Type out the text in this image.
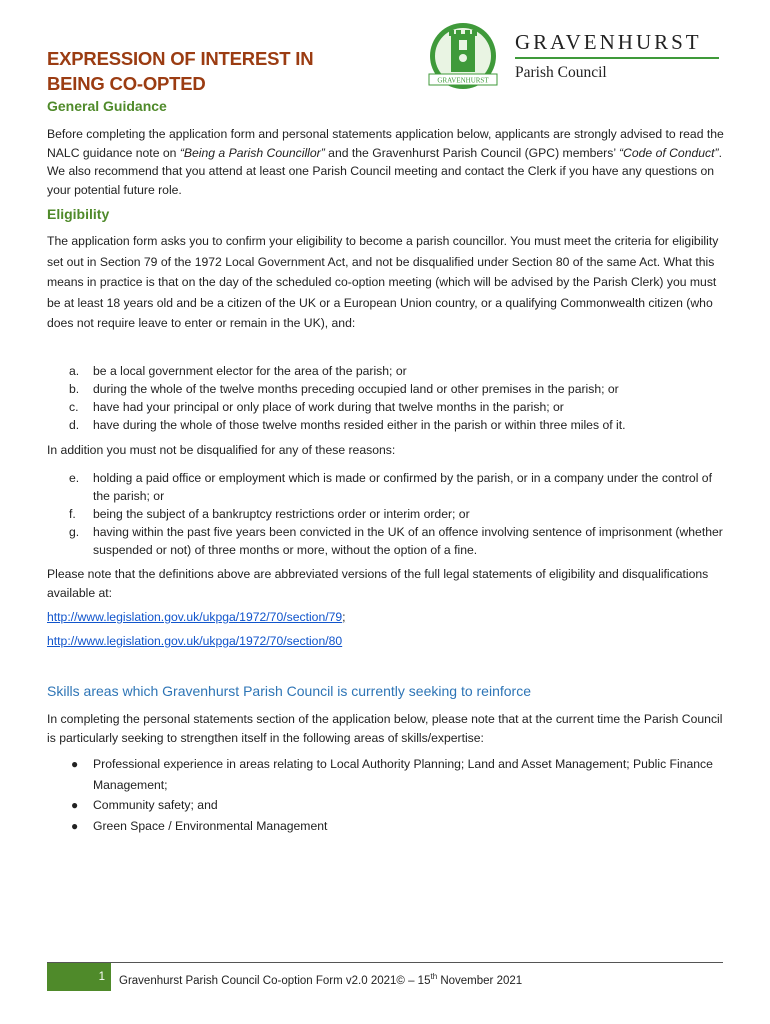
EXPRESSION OF INTEREST IN
BEING CO-OPTED	GRAVENHURST
GRAVENHURST
Parish Council
General Guidance
Before completing the application form and personal statements application below, applicants are strongly advised to read the NALC guidance note on “Being a Parish Councillor” and the Gravenhurst Parish Council (GPC) members’ “Code of Conduct”. We also recommend that you attend at least one Parish Council meeting and contact the Clerk if you have any questions on your potential future role.
Eligibility
The application form asks you to confirm your eligibility to become a parish councillor. You must meet the criteria for eligibility set out in Section 79 of the 1972 Local Government Act, and not be disqualified under Section 80 of the same Act. What this means in practice is that on the day of the scheduled co-option meeting (which will be advised by the Parish Clerk) you must be at least 18 years old and be a citizen of the UK or a European Union country, or a qualifying Commonwealth citizen (who does not require leave to enter or remain in the UK), and:
a. be a local government elector for the area of the parish; or
b. during the whole of the twelve months preceding occupied land or other premises in the parish; or
c. have had your principal or only place of work during that twelve months in the parish; or
d. have during the whole of those twelve months resided either in the parish or within three miles of it.
In addition you must not be disqualified for any of these reasons:
e. holding a paid office or employment which is made or confirmed by the parish, or in a company under the control of the parish; or
f. being the subject of a bankruptcy restrictions order or interim order; or
g. having within the past five years been convicted in the UK of an offence involving sentence of imprisonment (whether suspended or not) of three months or more, without the option of a fine.
Please note that the definitions above are abbreviated versions of the full legal statements of eligibility and disqualifications available at:
http://www.legislation.gov.uk/ukpga/1972/70/section/79;
http://www.legislation.gov.uk/ukpga/1972/70/section/80
Skills areas which Gravenhurst Parish Council is currently seeking to reinforce
In completing the personal statements section of the application below, please note that at the current time the Parish Council is particularly seeking to strengthen itself in the following areas of skills/expertise:
● Professional experience in areas relating to Local Authority Planning; Land and Asset Management; Public Finance Management;
● Community safety; and
● Green Space / Environmental Management
1	Gravenhurst Parish Council Co-option Form v2.0 2021© – 15th November 2021
